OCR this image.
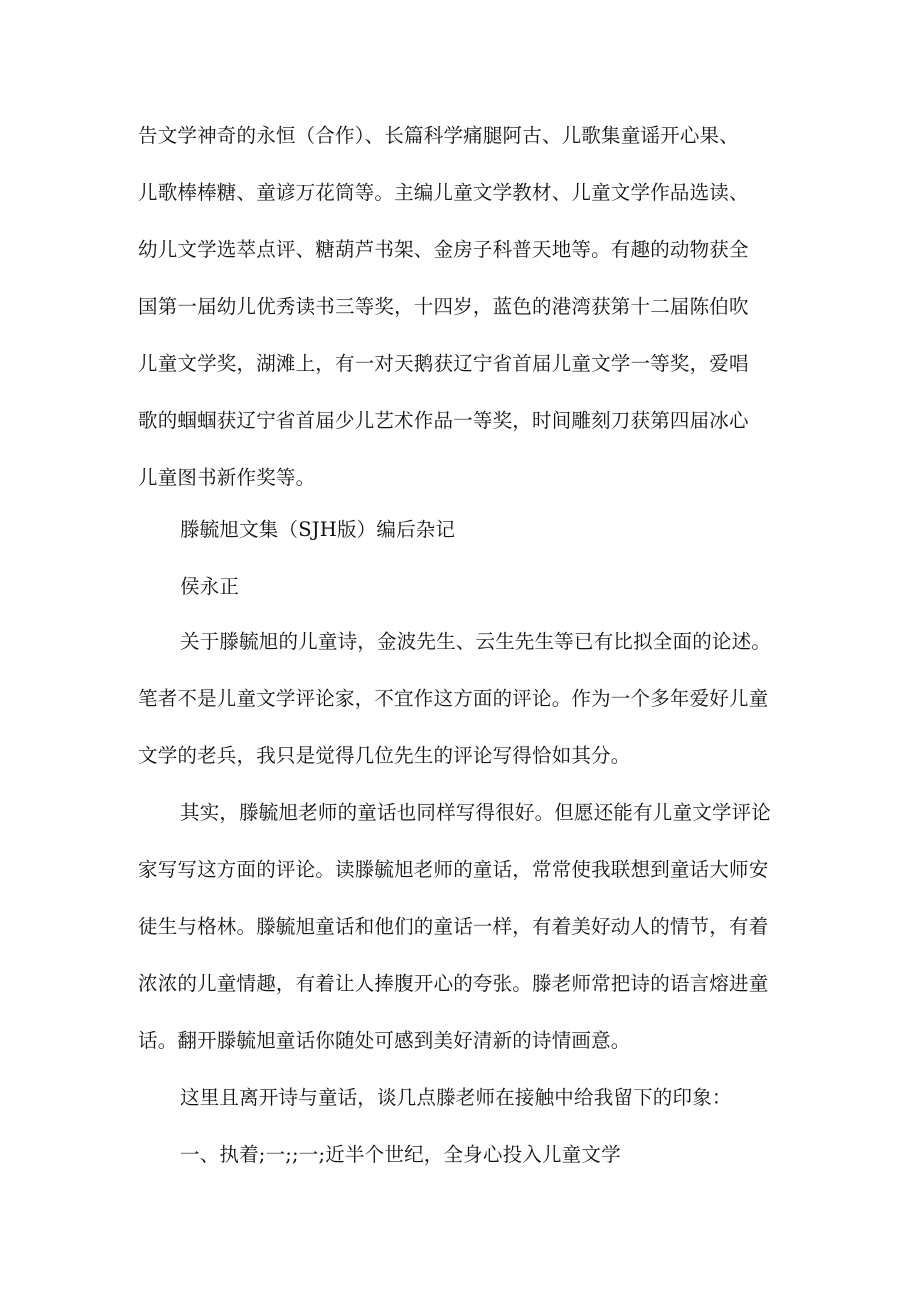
告文学神奇的永恒（合作）、长篇科学痛腿阿古、儿歌集童谣开心果、
儿歌棒棒糖、童谚万花筒等。主编儿童文学教材、儿童文学作品选读、
幼儿文学选萃点评、糖葫芦书架、金房子科普天地等。有趣的动物获全
国第一届幼儿优秀读书三等奖，十四岁，蓝色的港湾获第十二届陈伯吹
儿童文学奖，湖滩上，有一对天鹅获辽宁省首届儿童文学一等奖，爱唱
歌的蝈蝈获辽宁省首届少儿艺术作品一等奖，时间雕刻刀获第四届冰心
儿童图书新作奖等。
滕毓旭文集（SJH版）编后杂记
侯永正
关于滕毓旭的儿童诗，金波先生、云生先生等已有比拟全面的论述。
笔者不是儿童文学评论家，不宜作这方面的评论。作为一个多年爱好儿童
文学的老兵，我只是觉得几位先生的评论写得恰如其分。
其实，滕毓旭老师的童话也同样写得很好。但愿还能有儿童文学评论
家写写这方面的评论。读滕毓旭老师的童话，常常使我联想到童话大师安
徒生与格林。滕毓旭童话和他们的童话一样，有着美好动人的情节，有着
浓浓的儿童情趣，有着让人捧腹开心的夸张。滕老师常把诗的语言熔进童
话。翻开滕毓旭童话你随处可感到美好清新的诗情画意。
这里且离开诗与童话，谈几点滕老师在接触中给我留下的印象：
一、执着;一;;一;近半个世纪，全身心投入儿童文学
